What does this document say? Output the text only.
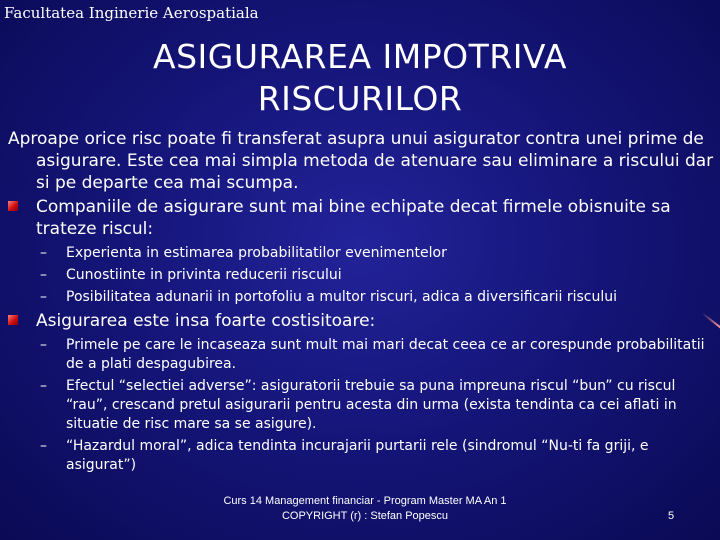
Facultatea Inginerie Aerospatiala
ASIGURAREA IMPOTRIVA
RISCURILOR
Aproape orice risc poate fi transferat asupra unui asigurator contra unei prime de asigurare. Este cea mai simpla metoda de atenuare sau eliminare a riscului dar si pe departe cea mai scumpa.
Companiile de asigurare sunt mai bine echipate decat firmele obisnuite sa trateze riscul:
– Experienta in estimarea probabilitatilor evenimentelor
– Cunostiinte in privinta reducerii riscului
– Posibilitatea adunarii in portofoliu a multor riscuri, adica a diversificarii riscului
Asigurarea este insa foarte costisitoare:
– Primele pe care le incaseaza sunt mult mai mari decat ceea ce ar corespunde probabilitatii de a plati despagubirea.
– Efectul “selectiei adverse”: asiguratorii trebuie sa puna impreuna riscul “bun” cu riscul “rau”, crescand pretul asigurarii pentru acesta din urma (exista tendinta ca cei aflati in situatie de risc mare sa se asigure).
– “Hazardul moral”, adica tendinta incurajarii purtarii rele (sindromul “Nu-ti fa griji, e asigurat”)
Curs 14 Management financiar - Program Master MA An 1
COPYRIGHT (r) : Stefan Popescu	5
